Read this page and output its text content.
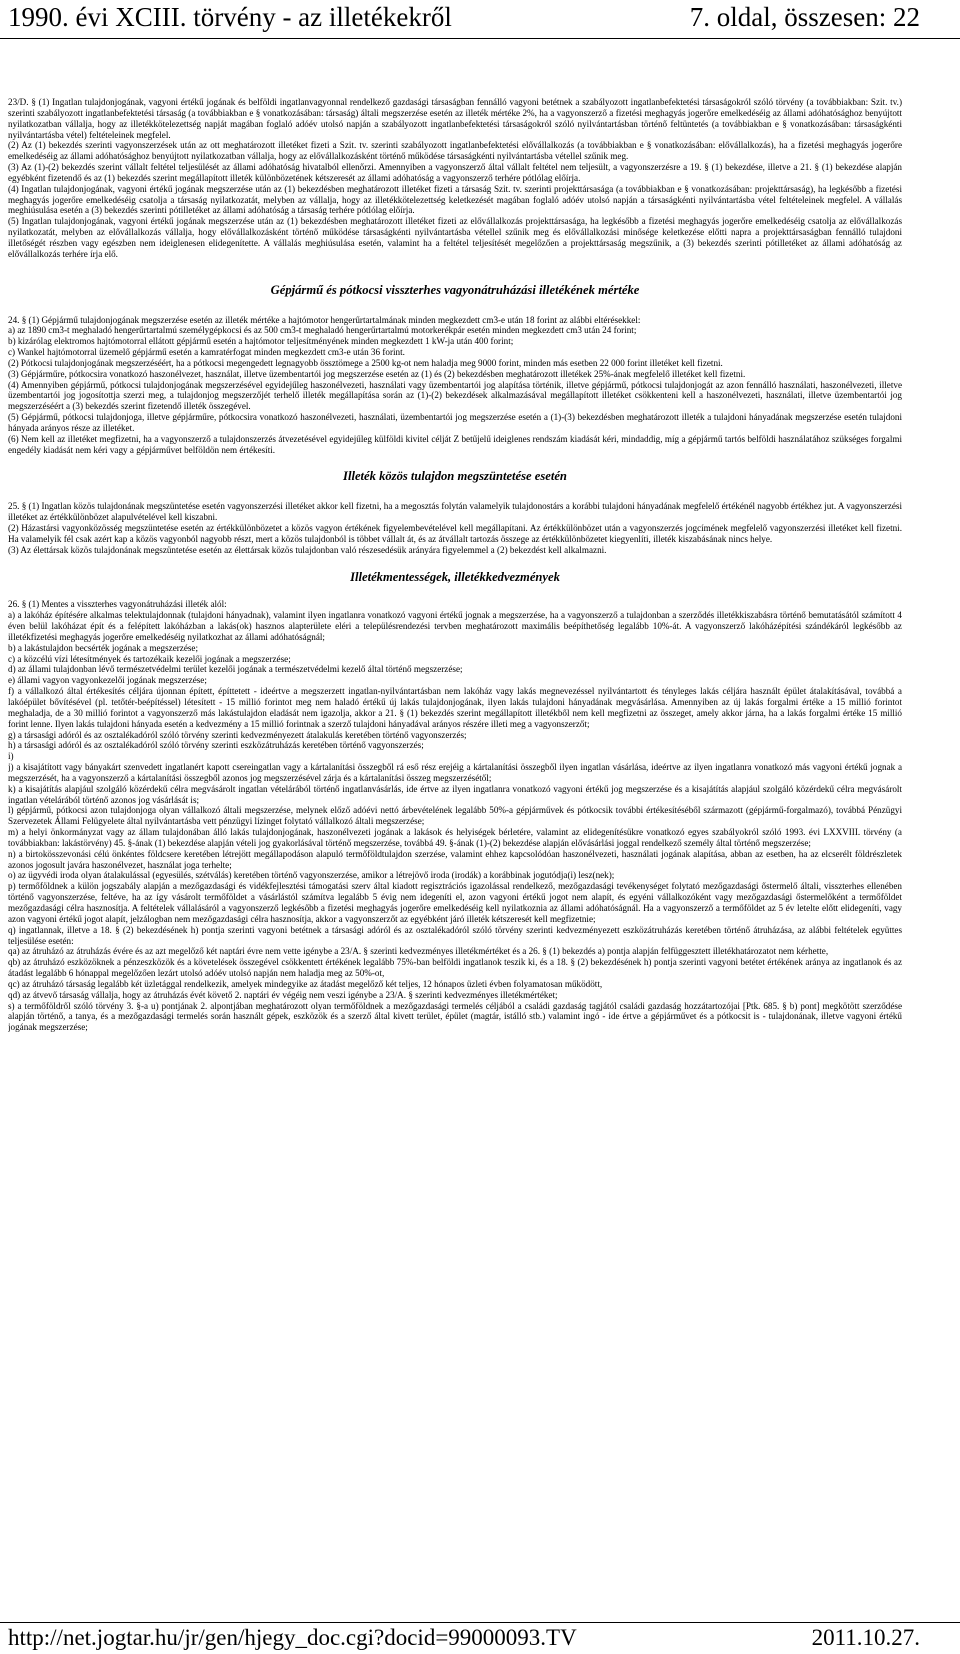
1990. évi XCIII. törvény - az illetékekről	7. oldal, összesen: 22

23/D. § (1) Ingatlan tulajdonjogának, vagyoni értékű jogának és belföldi ingatlanvagyonnal rendelkező gazdasági társaságban fennálló vagyoni betétnek a szabályozott ingatlanbefektetési társaságokról szóló törvény (a továbbiakban: Szit. tv.) szerinti szabályozott ingatlanbefektetési társaság (a továbbiakban e § vonatkozásában: társaság) általi megszerzése esetén az illeték mértéke 2%, ha a vagyonszerző a fizetési meghagyás jogerőre emelkedéséig az állami adóhatósághoz benyújtott nyilatkozatban vállalja, hogy az illetékkötelezettség napját magában foglaló adóév utolsó napján a szabályozott ingatlanbefektetési társaságokról szóló nyilvántartásban történő feltüntetés (a továbbiakban e § vonatkozásában: társaságkénti nyilvántartásba vétel) feltételeinek megfelel.

(2) Az (1) bekezdés szerinti vagyonszerzések után az ott meghatározott illetéket fizeti a Szit. tv. szerinti szabályozott ingatlanbefektetési elővállalkozás (a továbbiakban e § vonatkozásában: elővállalkozás), ha a fizetési meghagyás jogerőre emelkedéséig az állami adóhatósághoz benyújtott nyilatkozatban vállalja, hogy az elővállalkozásként történő működése társaságkénti nyilvántartásba vétellel szűnik meg.

(3) Az (1)-(2) bekezdés szerint vállalt feltétel teljesülését az állami adóhatóság hivatalból ellenőrzi. Amennyiben a vagyonszerző által vállalt feltétel nem teljesült, a vagyonszerzésre a 19. § (1) bekezdése, illetve a 21. § (1) bekezdése alapján egyébként fizetendő és az (1) bekezdés szerint megállapított illeték különbözetének kétszeresét az állami adóhatóság a vagyonszerző terhére pótlólag előírja.

(4) Ingatlan tulajdonjogának, vagyoni értékű jogának megszerzése után az (1) bekezdésben meghatározott illetéket fizeti a társaság Szit. tv. szerinti projekttársasága (a továbbiakban e § vonatkozásában: projekttársaság), ha legkésőbb a fizetési meghagyás jogerőre emelkedéséig csatolja a társaság nyilatkozatát, melyben az vállalja, hogy az illetékkötelezettség keletkezését magában foglaló adóév utolsó napján a társaságkénti nyilvántartásba vétel feltételeinek megfelel. A vállalás meghiúsulása esetén a (3) bekezdés szerinti pótilletéket az állami adóhatóság a társaság terhére pótlólag előírja.

(5) Ingatlan tulajdonjogának, vagyoni értékű jogának megszerzése után az (1) bekezdésben meghatározott illetéket fizeti az elővállalkozás projekttársasága, ha legkésőbb a fizetési meghagyás jogerőre emelkedéséig csatolja az elővállalkozás nyilatkozatát, melyben az elővállalkozás vállalja, hogy elővállalkozásként történő működése társaságkénti nyilvántartásba vétellel szűnik meg és elővállalkozási minősége keletkezése előtti napra a projekttársaságban fennálló tulajdoni illetőségét részben vagy egészben nem ideiglenesen elidegenítette. A vállalás meghiúsulása esetén, valamint ha a feltétel teljesítését megelőzően a projekttársaság megszűnik, a (3) bekezdés szerinti pótilletéket az állami adóhatóság az elővállalkozás terhére írja elő.

Gépjármű és pótkocsi visszterhes vagyonátruházási illetékének mértéke

24. § (1) Gépjármű tulajdonjogának megszerzése esetén az illeték mértéke a hajtómotor hengerűrtartalmának minden megkezdett cm3-e után 18 forint az alábbi eltérésekkel:

a) az 1890 cm3-t meghaladó hengerűrtartalmú személygépkocsi és az 500 cm3-t meghaladó hengerűrtartalmú motorkerékpár esetén minden megkezdett cm3 után 24 forint;

b) kizárólag elektromos hajtómotorral ellátott gépjármű esetén a hajtómotor teljesítményének minden megkezdett 1 kW-ja után 400 forint;

c) Wankel hajtómotorral üzemelő gépjármű esetén a kamratérfogat minden megkezdett cm3-e után 36 forint.

(2) Pótkocsi tulajdonjogának megszerzéséért, ha a pótkocsi megengedett legnagyobb össztömege a 2500 kg-ot nem haladja meg 9000 forint, minden más esetben 22 000 forint illetéket kell fizetni.

(3) Gépjárműre, pótkocsira vonatkozó haszonélvezet, használat, illetve üzembentartói jog megszerzése esetén az (1) és (2) bekezdésben meghatározott illetékek 25%-ának megfelelő illetéket kell fizetni.

(4) Amennyiben gépjármű, pótkocsi tulajdonjogának megszerzésével egyidejűleg haszonélvezeti, használati vagy üzembentartói jog alapítása történik, illetve gépjármű, pótkocsi tulajdonjogát az azon fennálló használati, haszonélvezeti, illetve üzembentartói jog jogosítottja szerzi meg, a tulajdonjog megszerzőjét terhelő illeték megállapítása során az (1)-(2) bekezdések alkalmazásával megállapított illetéket csökkenteni kell a haszonélvezeti, használati, illetve üzembentartói jog megszerzéséért a (3) bekezdés szerint fizetendő illeték összegével.

(5) Gépjármű, pótkocsi tulajdonjoga, illetve gépjárműre, pótkocsira vonatkozó haszonélvezeti, használati, üzembentartói jog megszerzése esetén a (1)-(3) bekezdésben meghatározott illeték a tulajdoni hányadának megszerzése esetén tulajdoni hányada arányos része az illetéket.

(6) Nem kell az illetéket megfizetni, ha a vagyonszerző a tulajdonszerzés átvezetésével egyidejűleg külföldi kivitel célját Z betűjelű ideiglenes rendszám kiadását kéri, mindaddig, míg a gépjármű tartós belföldi használatához szükséges forgalmi engedély kiadását nem kéri vagy a gépjárművet belföldön nem értékesíti.

Illeték közös tulajdon megszüntetése esetén

25. § (1) Ingatlan közös tulajdonának megszüntetése esetén vagyonszerzési illetéket akkor kell fizetni, ha a megosztás folytán valamelyik tulajdonostárs a korábbi tulajdoni hányadának megfelelő értékénél nagyobb értékhez jut. A vagyonszerzési illetéket az értékkülönbözet alapulvételével kell kiszabni.

(2) Házastársi vagyonközösség megszüntetése esetén az értékkülönbözetet a közös vagyon értékének figyelembevételével kell megállapítani. Az értékkülönbözet után a vagyonszerzés jogcímének megfelelő vagyonszerzési illetéket kell fizetni. Ha valamelyik fél csak azért kap a közös vagyonból nagyobb részt, mert a közös tulajdonból is többet vállalt át, és az átvállalt tartozás összege az értékkülönbözetet kiegyenlíti, illeték kiszabásának nincs helye.

(3) Az élettársak közös tulajdonának megszüntetése esetén az élettársak közös tulajdonban való részesedésük arányára figyelemmel a (2) bekezdést kell alkalmazni.

Illetékmentességek, illetékkedvezmények

26. § (1) Mentes a visszterhes vagyonátruházási illeték alól:

a) a lakóház építésére alkalmas telektulajdonnak (tulajdoni hányadnak), valamint ilyen ingatlanra vonatkozó vagyoni értékű jognak a megszerzése, ha a vagyonszerző a tulajdonban a szerződés illetékkiszabásra történő bemutatásától számított 4 éven belül lakóházat épít és a felépített lakóházban a lakás(ok) hasznos alapterülete eléri a településrendezési tervben meghatározott maximális beépíthetőség legalább 10%-át. A vagyonszerző lakóházépítési szándékáról legkésőbb az illetékfizetési meghagyás jogerőre emelkedéséig nyilatkozhat az állami adóhatóságnál;

b) a lakástulajdon becsérték jogának a megszerzése;

c) a közcélú vízi létesítmények és tartozékaik kezelői jogának a megszerzése;

d) az állami tulajdonban lévő természetvédelmi terület kezelői jogának a természetvédelmi kezelő által történő megszerzése;

e) állami vagyon vagyonkezelői jogának megszerzése;

f) a vállalkozó által értékesítés céljára újonnan épített, építtetett - ideértve a megszerzett ingatlan-nyilvántartásban nem lakóház vagy lakás megnevezéssel nyilvántartott és tényleges lakás céljára használt épület átalakításával, továbbá a lakóépület bővítésével (pl. tetőtér-beépítéssel) létesített - 15 millió forintot meg nem haladó értékű új lakás tulajdonjogának, ilyen lakás tulajdoni hányadának megvásárlása. Amennyiben az új lakás forgalmi értéke a 15 millió forintot meghaladja, de a 30 millió forintot a vagyonszerző más lakástulajdon eladását nem igazolja, akkor a 21. § (1) bekezdés szerint megállapított illetékből nem kell megfizetni az összeget, amely akkor járna, ha a lakás forgalmi értéke 15 millió forint lenne. Ilyen lakás tulajdoni hányada esetén a kedvezmény a 15 millió forintnak a szerző tulajdoni hányadával arányos részére illeti meg a vagyonszerzőt;

g) a társasági adóról és az osztalékadóról szóló törvény szerinti kedvezményezett átalakulás keretében történő vagyonszerzés;

h) a társasági adóról és az osztalékadóról szóló törvény szerinti eszközátruházás keretében történő vagyonszerzés;

i)

j) a kisajátított vagy bányakárt szenvedett ingatlanért kapott csereingatlan vagy a kártalanítási összegből rá eső rész erejéig a kártalanítási összegből ilyen ingatlan vásárlása, ideértve az ilyen ingatlanra vonatkozó más vagyoni értékű jognak a megszerzését, ha a vagyonszerző a kártalanítási összegből azonos jog megszerzésével zárja és a kártalanítási összeg megszerzésétől;

k) a kisajátítás alapjául szolgáló közérdekű célra megvásárolt ingatlan vételárából történő ingatlanvásárlás, ide értve az ilyen ingatlanra vonatkozó vagyoni értékű jog megszerzése és a kisajátítás alapjául szolgáló közérdekű célra megvásárolt ingatlan vételárából történő azonos jog vásárlását is;

l) gépjármű, pótkocsi azon tulajdonjoga olyan vállalkozó általi megszerzése, melynek előző adóévi nettó árbevételének legalább 50%-a gépjárművek és pótkocsik további értékesítéséből származott (gépjármű-forgalmazó), továbbá Pénzügyi Szervezetek Állami Felügyelete által nyilvántartásba vett pénzügyi lízinget folytató vállalkozó általi megszerzése;

m) a helyi önkormányzat vagy az állam tulajdonában álló lakás tulajdonjogának, haszonélvezeti jogának a lakások és helyiségek bérletére, valamint az elidegenítésükre vonatkozó egyes szabályokról szóló 1993. évi LXXVIII. törvény (a továbbiakban: lakástörvény) 45. §-ának (1) bekezdése alapján vételi jog gyakorlásával történő megszerzése, továbbá 49. §-ának (1)-(2) bekezdése alapján elővásárlási joggal rendelkező személy által történő megszerzése;

n) a birtokösszevonási célú önkéntes földcsere keretében létrejött megállapodáson alapuló termőföldtulajdon szerzése, valamint ehhez kapcsolódóan haszonélvezeti, használati jogának alapítása, abban az esetben, ha az elcserélt földrészletek azonos jogosult javára haszonélvezet, használat joga terhelte;

o) az ügyvédi iroda olyan átalakulással (egyesülés, szétválás) keretében történő vagyonszerzése, amikor a létrejövő iroda (irodák) a korábbinak jogutódja(i) lesz(nek);

p) termőföldnek a külön jogszabály alapján a mezőgazdasági és vidékfejlesztési támogatási szerv által kiadott regisztrációs igazolással rendelkező, mezőgazdasági tevékenységet folytató mezőgazdasági őstermelő általi, visszterhes ellenében történő vagyonszerzése, feltéve, ha az így vásárolt termőföldet a vásárlástól számítva legalább 5 évig nem idegeníti el, azon vagyoni értékű jogot nem alapít, és egyéni vállalkozóként vagy mezőgazdasági őstermelőként a termőföldet mezőgazdasági célra hasznosítja. A feltételek vállalásáról a vagyonszerző legkésőbb a fizetési meghagyás jogerőre emelkedéséig kell nyilatkoznia az állami adóhatóságnál. Ha a vagyonszerző a termőföldet az 5 év letelte előtt elidegeníti, vagy azon vagyoni értékű jogot alapít, jelzálogban nem mezőgazdasági célra hasznosítja, akkor a vagyonszerzőt az egyébként járó illeték kétszeresét kell megfizetnie;

q) ingatlannak, illetve a 18. § (2) bekezdésének h) pontja szerinti vagyoni betétnek a társasági adóról és az osztalékadóról szóló törvény szerinti kedvezményezett eszközátruházás keretében történő átruházása, az alábbi feltételek együttes teljesülése esetén:

qa) az átruházó az átruházás évére és az azt megelőző két naptári évre nem vette igénybe a 23/A. § szerinti kedvezményes illetékmértéket és a 26. § (1) bekezdés a) pontja alapján felfüggesztett illetékhatározatot nem kérhette,

qb) az átruházó eszközöknek a pénzeszközök és a követelések összegével csökkentett értékének legalább 75%-ban belföldi ingatlanok teszik ki, és a 18. § (2) bekezdésének h) pontja szerinti vagyoni betétet értékének aránya az ingatlanok és az átadást legalább 6 hónappal megelőzően lezárt utolsó adóév utolsó napján nem haladja meg az 50%-ot,

qc) az átruházó társaság legalább két üzletággal rendelkezik, amelyek mindegyike az átadást megelőző két teljes, 12 hónapos üzleti évben folyamatosan működött,

qd) az átvevő társaság vállalja, hogy az átruházás évét követő 2. naptári év végéig nem veszi igénybe a 23/A. § szerinti kedvezményes illetékmértéket;

s) a termőföldről szóló törvény 3. §-a u) pontjának 2. alpontjában meghatározott olyan termőföldnek a mezőgazdasági termelés céljából a családi gazdaság tagjától családi gazdaság hozzátartozójai [Ptk. 685. § b) pont] megkötött szerződése alapján történő, a tanya, és a mezőgazdasági termelés során használt gépek, eszközök és a szerző által kivett terület, épület (magtár, istálló stb.) valamint ingó - ide értve a gépjárművet és a pótkocsit is - tulajdonának, illetve vagyoni értékű jogának megszerzése;

http://net.jogtar.hu/jr/gen/hjegy_doc.cgi?docid=99000093.TV	2011.10.27.
